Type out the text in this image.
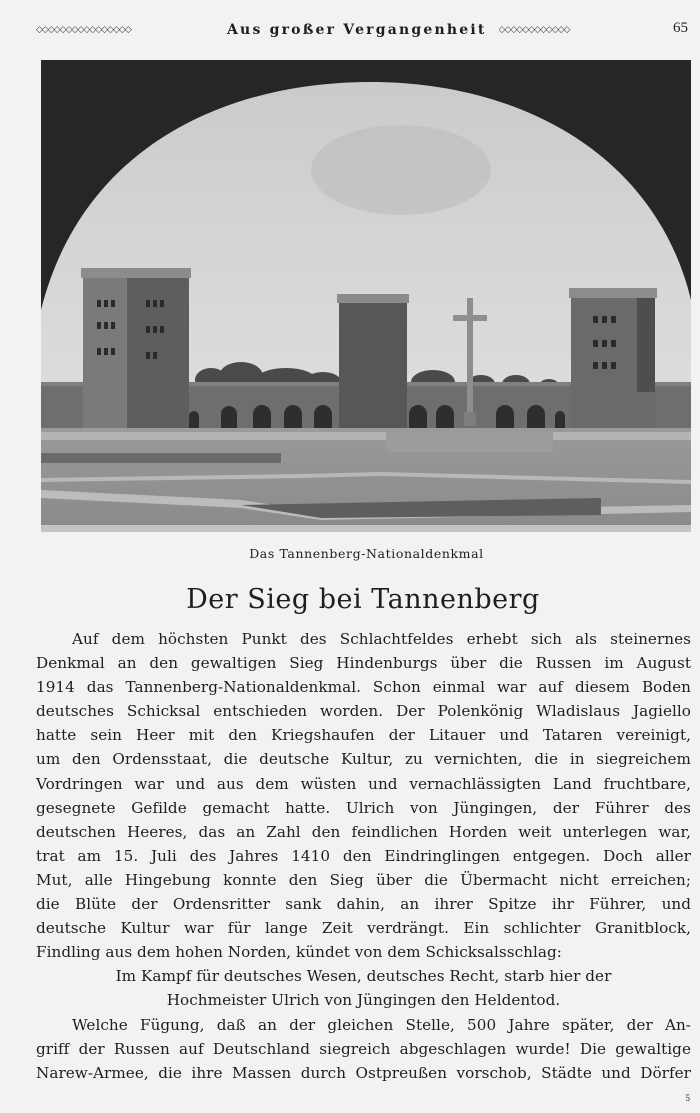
◇◇◇◇◇◇◇◇◇◇◇◇◇◇◇◇	Aus großer Vergangenheit ◇◇◇◇◇◇◇◇◇◇◇◇	65
Das Tannenberg-Nationaldenkmal
Der Sieg bei Tannenberg
Auf dem höchsten Punkt des Schlachtfeldes erhebt sich als steinernes
Denkmal an den gewaltigen Sieg Hindenburgs über die Russen im August
1914 das Tannenberg-Nationaldenkmal. Schon einmal war auf diesem Boden
deutsches Schicksal entschieden worden. Der Polenkönig Wladislaus Jagiello
hatte sein Heer mit den Kriegshaufen der Litauer und Tataren vereinigt,
um den Ordensstaat, die deutsche Kultur, zu vernichten, die in siegreichem
Vordringen war und aus dem wüsten und vernachlässigten Land fruchtbare,
gesegnete Gefilde gemacht hatte. Ulrich von Jüngingen, der Führer des
deutschen Heeres, das an Zahl den feindlichen Horden weit unterlegen war,
trat am 15. Juli des Jahres 1410 den Eindringlingen entgegen. Doch aller
Mut, alle Hingebung konnte den Sieg über die Übermacht nicht erreichen;
die Blüte der Ordensritter sank dahin, an ihrer Spitze ihr Führer, und
deutsche Kultur war für lange Zeit verdrängt. Ein schlichter Granitblock,
Findling aus dem hohen Norden, kündet von dem Schicksalsschlag:
Im Kampf für deutsches Wesen, deutsches Recht, starb hier der
Hochmeister Ulrich von Jüngingen den Heldentod.
Welche Fügung, daß an der gleichen Stelle, 500 Jahre später, der An-
griff der Russen auf Deutschland siegreich abgeschlagen wurde! Die gewaltige
Narew-Armee, die ihre Massen durch Ostpreußen vorschob, Städte und Dörfer
5
